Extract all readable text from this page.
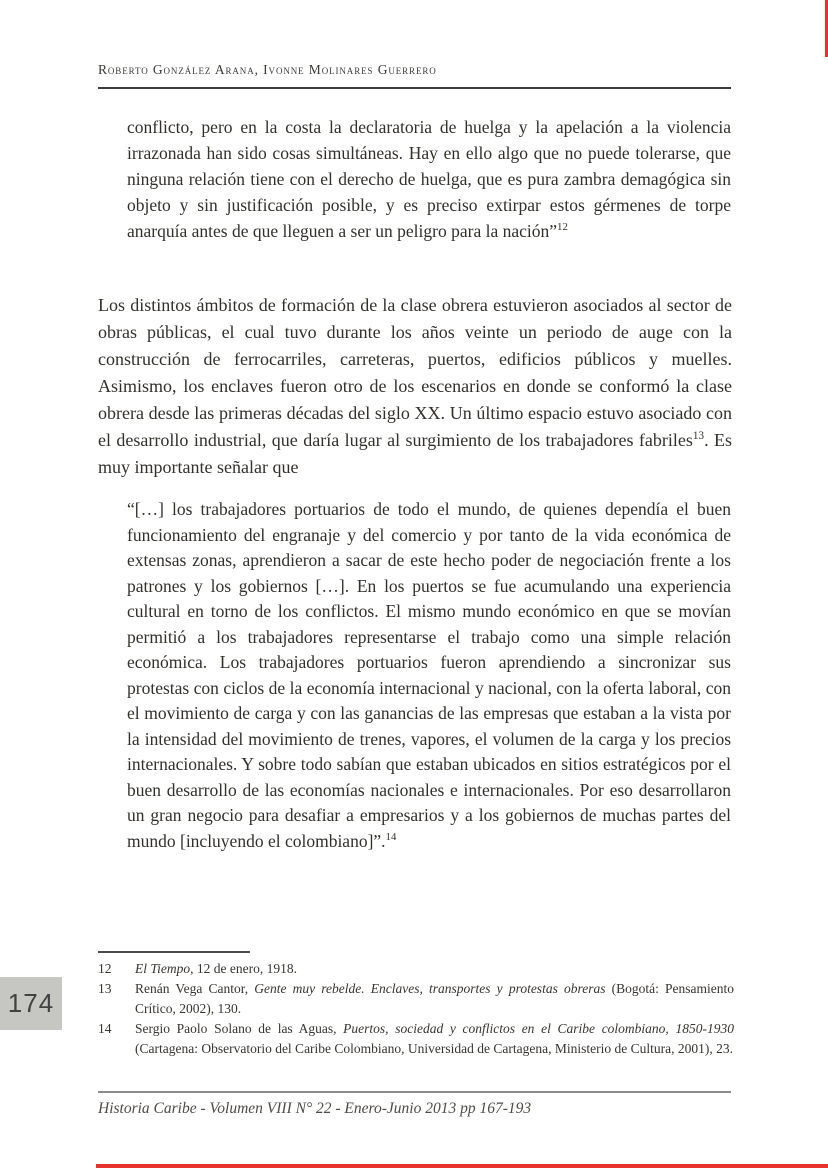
Roberto González Arana, Ivonne Molinares Guerrero
conflicto, pero en la costa la declaratoria de huelga y la apelación a la violencia irrazonada han sido cosas simultáneas. Hay en ello algo que no puede tolerarse, que ninguna relación tiene con el derecho de huelga, que es pura zambra demagógica sin objeto y sin justificación posible, y es preciso extirpar estos gérmenes de torpe anarquía antes de que lleguen a ser un peligro para la nación”$^{12}$

Los distintos ámbitos de formación de la clase obrera estuvieron asociados al sector de obras públicas, el cual tuvo durante los años veinte un periodo de auge con la construcción de ferrocarriles, carreteras, puertos, edificios públicos y muelles. Asimismo, los enclaves fueron otro de los escenarios en donde se conformó la clase obrera desde las primeras décadas del siglo XX. Un último espacio estuvo asociado con el desarrollo industrial, que daría lugar al surgimiento de los trabajadores fabriles$^{13}$. Es muy importante señalar que

“[…] los trabajadores portuarios de todo el mundo, de quienes dependía el buen funcionamiento del engranaje y del comercio y por tanto de la vida económica de extensas zonas, aprendieron a sacar de este hecho poder de negociación frente a los patrones y los gobiernos […]. En los puertos se fue acumulando una experiencia cultural en torno de los conflictos. El mismo mundo económico en que se movían permitió a los trabajadores representarse el trabajo como una simple relación económica. Los trabajadores portuarios fueron aprendiendo a sincronizar sus protestas con ciclos de la economía internacional y nacional, con la oferta laboral, con el movimiento de carga y con las ganancias de las empresas que estaban a la vista por la intensidad del movimiento de trenes, vapores, el volumen de la carga y los precios internacionales. Y sobre todo sabían que estaban ubicados en sitios estratégicos por el buen desarrollo de las economías nacionales e internacionales. Por eso desarrollaron un gran negocio para desafiar a empresarios y a los gobiernos de muchas partes del mundo [incluyendo el colombiano]”.$^{14}$
12	El Tiempo, 12 de enero, 1918.
13	Renán Vega Cantor, Gente muy rebelde. Enclaves, transportes y protestas obreras (Bogotá: Pensamiento Crítico, 2002), 130.
14	Sergio Paolo Solano de las Aguas, Puertos, sociedad y conflictos en el Caribe colombiano, 1850-1930 (Cartagena: Observatorio del Caribe Colombiano, Universidad de Cartagena, Ministerio de Cultura, 2001), 23.
174
Historia Caribe - Volumen VIII N° 22 - Enero-Junio 2013 pp 167-193
